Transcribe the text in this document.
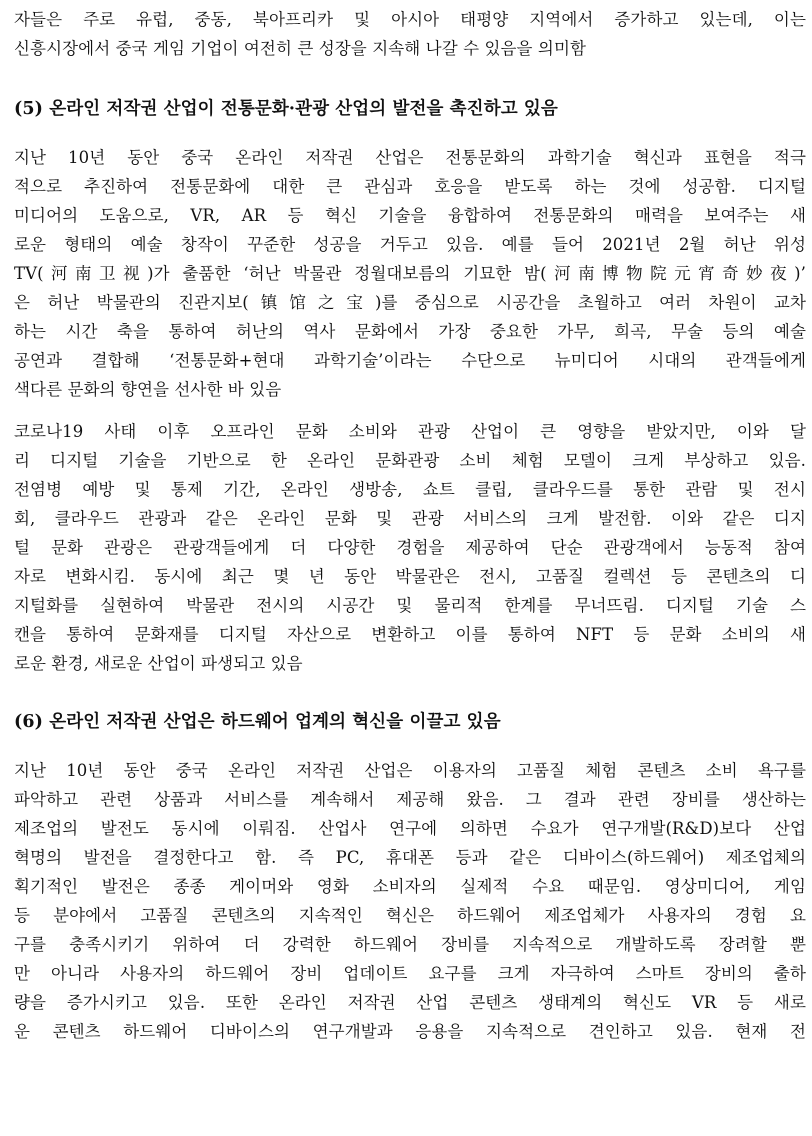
자들은 주로 유럽, 중동, 북아프리카 및 아시아 태평양 지역에서 증가하고 있는데, 이는
신흥시장에서 중국 게임 기업이 여전히 큰 성장을 지속해 나갈 수 있음을 의미함
(5) 온라인 저작권 산업이 전통문화·관광 산업의 발전을 촉진하고 있음
지난 10년 동안 중국 온라인 저작권 산업은 전통문화의 과학기술 혁신과 표현을 적극
적으로 추진하여 전통문화에 대한 큰 관심과 호응을 받도록 하는 것에 성공함. 디지털
미디어의 도움으로, VR, AR 등 혁신 기술을 융합하여 전통문화의 매력을 보여주는 새
로운 형태의 예술 창작이 꾸준한 성공을 거두고 있음. 예를 들어 2021년 2월 허난 위성
TV(河南卫视)가 출품한 ‘허난 박물관 정월대보름의 기묘한 밤(河南博物院元宵奇妙夜)’
은 허난 박물관의 진관지보(镇馆之宝)를 중심으로 시공간을 초월하고 여러 차원이 교차
하는 시간 축을 통하여 허난의 역사 문화에서 가장 중요한 가무, 희곡, 무술 등의 예술
공연과 결합해 ‘전통문화+현대 과학기술’이라는 수단으로 뉴미디어 시대의 관객들에게
색다른 문화의 향연을 선사한 바 있음
코로나19 사태 이후 오프라인 문화 소비와 관광 산업이 큰 영향을 받았지만, 이와 달
리 디지털 기술을 기반으로 한 온라인 문화관광 소비 체험 모델이 크게 부상하고 있음.
전염병 예방 및 통제 기간, 온라인 생방송, 쇼트 클립, 클라우드를 통한 관람 및 전시
회, 클라우드 관광과 같은 온라인 문화 및 관광 서비스의 크게 발전함. 이와 같은 디지
털 문화 관광은 관광객들에게 더 다양한 경험을 제공하여 단순 관광객에서 능동적 참여
자로 변화시킴. 동시에 최근 몇 년 동안 박물관은 전시, 고품질 컬렉션 등 콘텐츠의 디
지털화를 실현하여 박물관 전시의 시공간 및 물리적 한계를 무너뜨림. 디지털 기술 스
캔을 통하여 문화재를 디지털 자산으로 변환하고 이를 통하여 NFT 등 문화 소비의 새
로운 환경, 새로운 산업이 파생되고 있음
(6) 온라인 저작권 산업은 하드웨어 업계의 혁신을 이끌고 있음
지난 10년 동안 중국 온라인 저작권 산업은 이용자의 고품질 체험 콘텐츠 소비 욕구를
파악하고 관련 상품과 서비스를 계속해서 제공해 왔음. 그 결과 관련 장비를 생산하는
제조업의 발전도 동시에 이뤄짐. 산업사 연구에 의하면 수요가 연구개발(R&D)보다 산업
혁명의 발전을 결정한다고 함. 즉 PC, 휴대폰 등과 같은 디바이스(하드웨어) 제조업체의
획기적인 발전은 종종 게이머와 영화 소비자의 실제적 수요 때문임. 영상미디어, 게임
등 분야에서 고품질 콘텐츠의 지속적인 혁신은 하드웨어 제조업체가 사용자의 경험 요
구를 충족시키기 위하여 더 강력한 하드웨어 장비를 지속적으로 개발하도록 장려할 뿐
만 아니라 사용자의 하드웨어 장비 업데이트 요구를 크게 자극하여 스마트 장비의 출하
량을 증가시키고 있음. 또한 온라인 저작권 산업 콘텐츠 생태계의 혁신도 VR 등 새로
운 콘텐츠 하드웨어 디바이스의 연구개발과 응용을 지속적으로 견인하고 있음. 현재 전
